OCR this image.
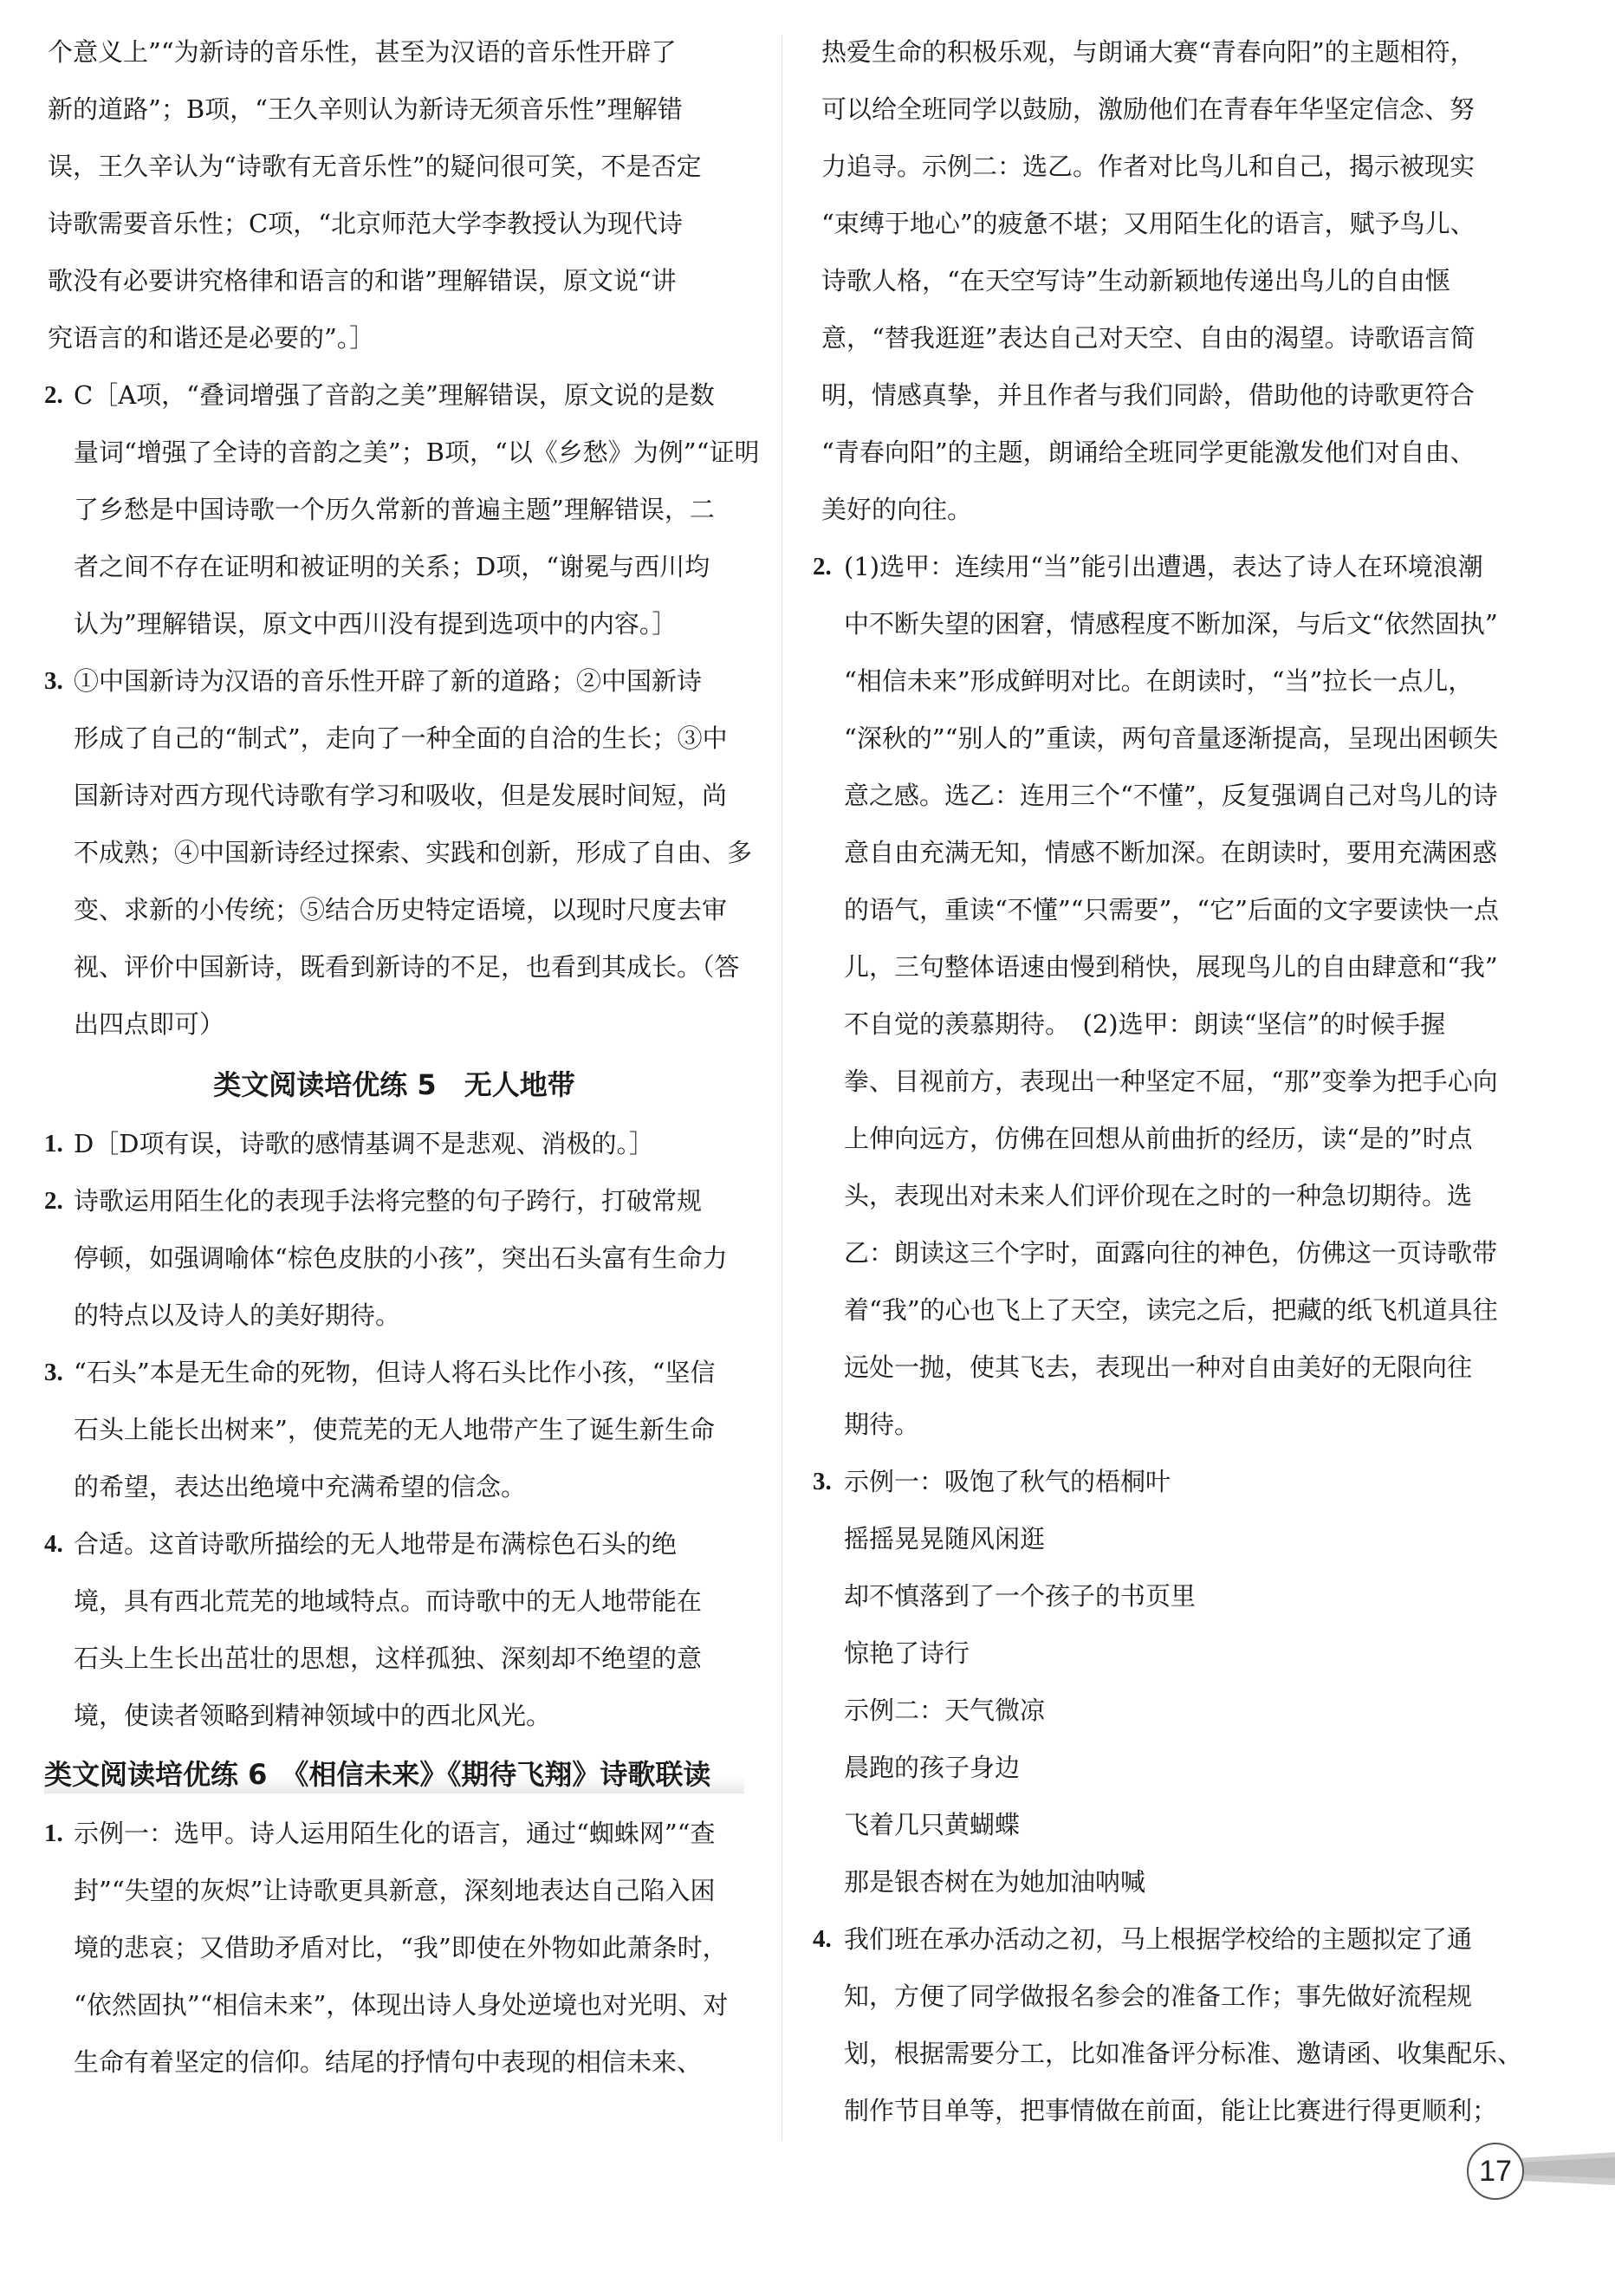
个意义上”“为新诗的音乐性，甚至为汉语的音乐性开辟了
新的道路”；B项，“王久辛则认为新诗无须音乐性”理解错
误，王久辛认为“诗歌有无音乐性”的疑问很可笑，不是否定
诗歌需要音乐性；C项，“北京师范大学李教授认为现代诗
歌没有必要讲究格律和语言的和谐”理解错误，原文说“讲
究语言的和谐还是必要的”。］
2. C［A项，“叠词增强了音韵之美”理解错误，原文说的是数
量词“增强了全诗的音韵之美”；B项，“以《乡愁》为例”“证明
了乡愁是中国诗歌一个历久常新的普遍主题”理解错误，二
者之间不存在证明和被证明的关系；D项，“谢冕与西川均
认为”理解错误，原文中西川没有提到选项中的内容。］
3. ①中国新诗为汉语的音乐性开辟了新的道路；②中国新诗
形成了自己的“制式”，走向了一种全面的自洽的生长；③中
国新诗对西方现代诗歌有学习和吸收，但是发展时间短，尚
不成熟；④中国新诗经过探索、实践和创新，形成了自由、多
变、求新的小传统；⑤结合历史特定语境，以现时尺度去审
视、评价中国新诗，既看到新诗的不足，也看到其成长。（答
出四点即可）
类文阅读培优练 5　无人地带
1. D［D项有误，诗歌的感情基调不是悲观、消极的。］
2. 诗歌运用陌生化的表现手法将完整的句子跨行，打破常规
停顿，如强调喻体“棕色皮肤的小孩”，突出石头富有生命力
的特点以及诗人的美好期待。
3. “石头”本是无生命的死物，但诗人将石头比作小孩，“坚信
石头上能长出树来”，使荒芜的无人地带产生了诞生新生命
的希望，表达出绝境中充满希望的信念。
4. 合适。这首诗歌所描绘的无人地带是布满棕色石头的绝
境，具有西北荒芜的地域特点。而诗歌中的无人地带能在
石头上生长出茁壮的思想，这样孤独、深刻却不绝望的意
境，使读者领略到精神领域中的西北风光。
类文阅读培优练 6　《相信未来》《期待飞翔》诗歌联读
1. 示例一：选甲。诗人运用陌生化的语言，通过“蜘蛛网”“查
封”“失望的灰烬”让诗歌更具新意，深刻地表达自己陷入困
境的悲哀；又借助矛盾对比，“我”即使在外物如此萧条时，
“依然固执”“相信未来”，体现出诗人身处逆境也对光明、对
生命有着坚定的信仰。结尾的抒情句中表现的相信未来、
热爱生命的积极乐观，与朗诵大赛“青春向阳”的主题相符，
可以给全班同学以鼓励，激励他们在青春年华坚定信念、努
力追寻。示例二：选乙。作者对比鸟儿和自己，揭示被现实
“束缚于地心”的疲惫不堪；又用陌生化的语言，赋予鸟儿、
诗歌人格，“在天空写诗”生动新颖地传递出鸟儿的自由惬
意，“替我逛逛”表达自己对天空、自由的渴望。诗歌语言简
明，情感真挚，并且作者与我们同龄，借助他的诗歌更符合
“青春向阳”的主题，朗诵给全班同学更能激发他们对自由、
美好的向往。
2. (1)选甲：连续用“当”能引出遭遇，表达了诗人在环境浪潮
中不断失望的困窘，情感程度不断加深，与后文“依然固执”
“相信未来”形成鲜明对比。在朗读时，“当”拉长一点儿，
“深秋的”“别人的”重读，两句音量逐渐提高，呈现出困顿失
意之感。选乙：连用三个“不懂”，反复强调自己对鸟儿的诗
意自由充满无知，情感不断加深。在朗读时，要用充满困惑
的语气，重读“不懂”“只需要”，“它”后面的文字要读快一点
儿，三句整体语速由慢到稍快，展现鸟儿的自由肆意和“我”
不自觉的羡慕期待。　(2)选甲：朗读“坚信”的时候手握
拳、目视前方，表现出一种坚定不屈，“那”变拳为把手心向
上伸向远方，仿佛在回想从前曲折的经历，读“是的”时点
头，表现出对未来人们评价现在之时的一种急切期待。选
乙：朗读这三个字时，面露向往的神色，仿佛这一页诗歌带
着“我”的心也飞上了天空，读完之后，把藏的纸飞机道具往
远处一抛，使其飞去，表现出一种对自由美好的无限向往
期待。
3. 示例一：吸饱了秋气的梧桐叶
摇摇晃晃随风闲逛
却不慎落到了一个孩子的书页里
惊艳了诗行
示例二：天气微凉
晨跑的孩子身边
飞着几只黄蝴蝶
那是银杏树在为她加油呐喊
4. 我们班在承办活动之初，马上根据学校给的主题拟定了通
知，方便了同学做报名参会的准备工作；事先做好流程规
划，根据需要分工，比如准备评分标准、邀请函、收集配乐、
制作节目单等，把事情做在前面，能让比赛进行得更顺利；
17
